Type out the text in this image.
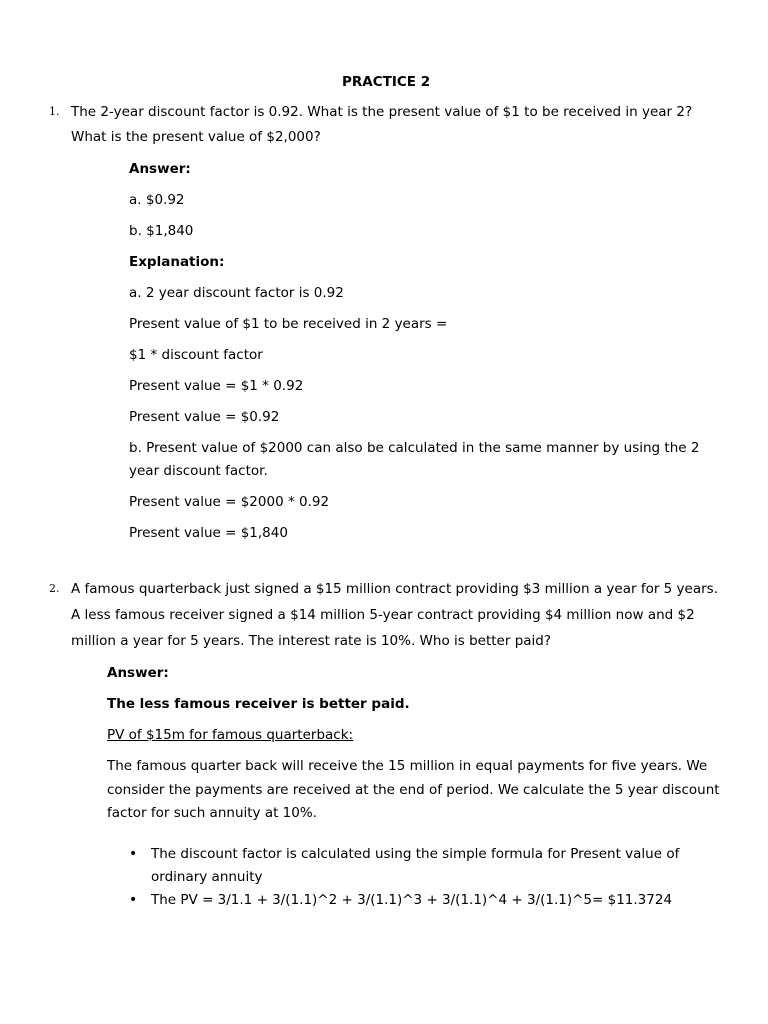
PRACTICE 2
1. The 2-year discount factor is 0.92. What is the present value of $1 to be received in year 2?
What is the present value of $2,000?
Answer:
a. $0.92
b. $1,840
Explanation:
a. 2 year discount factor is 0.92
Present value of $1 to be received in 2 years =
$1 * discount factor
Present value = $1 * 0.92
Present value = $0.92
b. Present value of $2000 can also be calculated in the same manner by using the 2
year discount factor.
Present value = $2000 * 0.92
Present value = $1,840
2. A famous quarterback just signed a $15 million contract providing $3 million a year for 5 years.
A less famous receiver signed a $14 million 5-year contract providing $4 million now and $2
million a year for 5 years. The interest rate is 10%. Who is better paid?
Answer:
The less famous receiver is better paid.
PV of $15m for famous quarterback:
The famous quarter back will receive the 15 million in equal payments for five years. We
consider the payments are received at the end of period. We calculate the 5 year discount
factor for such annuity at 10%.
• The discount factor is calculated using the simple formula for Present value of
ordinary annuity
• The PV = 3/1.1 + 3/(1.1)^2 + 3/(1.1)^3 + 3/(1.1)^4 + 3/(1.1)^5= $11.3724
